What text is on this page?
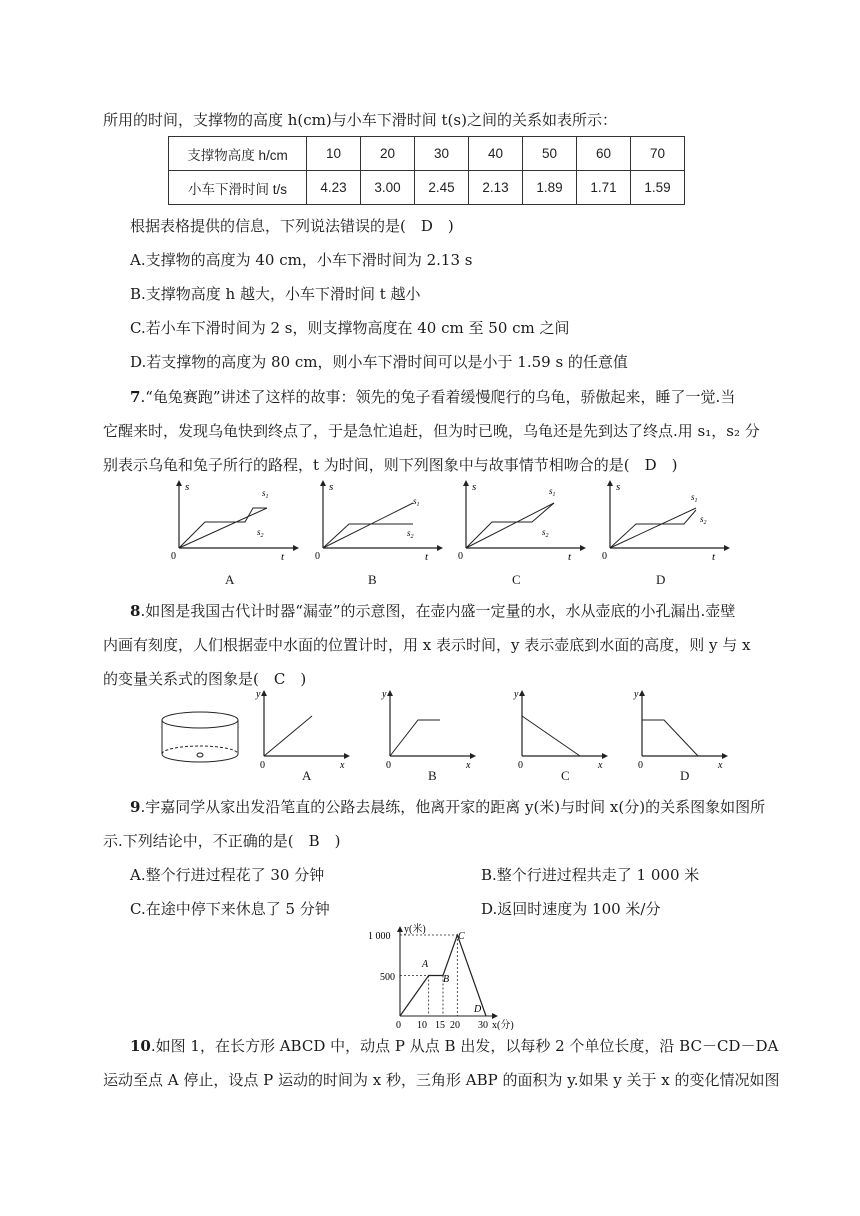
所用的时间，支撑物的高度 h(cm)与小车下滑时间 t(s)之间的关系如表所示：
支撑物高度 h/cm	10	20	30	40	50	60	70
小车下滑时间 t/s	4.23	3.00	2.45	2.13	1.89	1.71	1.59
根据表格提供的信息，下列说法错误的是(　D　)
A.支撑物的高度为 40 cm，小车下滑时间为 2.13 s
B.支撑物高度 h 越大，小车下滑时间 t 越小
C.若小车下滑时间为 2 s，则支撑物高度在 40 cm 至 50 cm 之间
D.若支撑物的高度为 80 cm，则小车下滑时间可以是小于 1.59 s 的任意值
7.“龟兔赛跑”讲述了这样的故事：领先的兔子看着缓慢爬行的乌龟，骄傲起来，睡了一觉.当
它醒来时，发现乌龟快到终点了，于是急忙追赶，但为时已晚，乌龟还是先到达了终点.用 s₁，s₂ 分
别表示乌龟和兔子所行的路程，t 为时间，则下列图象中与故事情节相吻合的是(　D　)
s
t
0
$s_1$
$s_2$
s
t
0
$s_1$
$s_2$
s
t
0
$s_1$
$s_2$
s
t
0
$s_1$
$s_2$
A	B	C	D
8.如图是我国古代计时器“漏壶”的示意图，在壶内盛一定量的水，水从壶底的小孔漏出.壶壁
内画有刻度，人们根据壶中水面的位置计时，用 x 表示时间，y 表示壶底到水面的高度，则 y 与 x
的变量关系式的图象是(　C　)
y
x
0
y
x
0
y
x
0
y
x
0
A	B	C	D
9.宇嘉同学从家出发沿笔直的公路去晨练，他离开家的距离 y(米)与时间 x(分)的关系图象如图所
示.下列结论中，不正确的是(　B　)
A.整个行进过程花了 30 分钟	B.整个行进过程共走了 1 000 米
C.在途中停下来休息了 5 分钟	D.返回时速度为 100 米/分
y(米)
x(分)
1 000
500
0 10 15 20 30
A
B
C
D
10.如图 1，在长方形 ABCD 中，动点 P 从点 B 出发，以每秒 2 个单位长度，沿 BC－CD－DA
运动至点 A 停止，设点 P 运动的时间为 x 秒，三角形 ABP 的面积为 y.如果 y 关于 x 的变化情况如图
